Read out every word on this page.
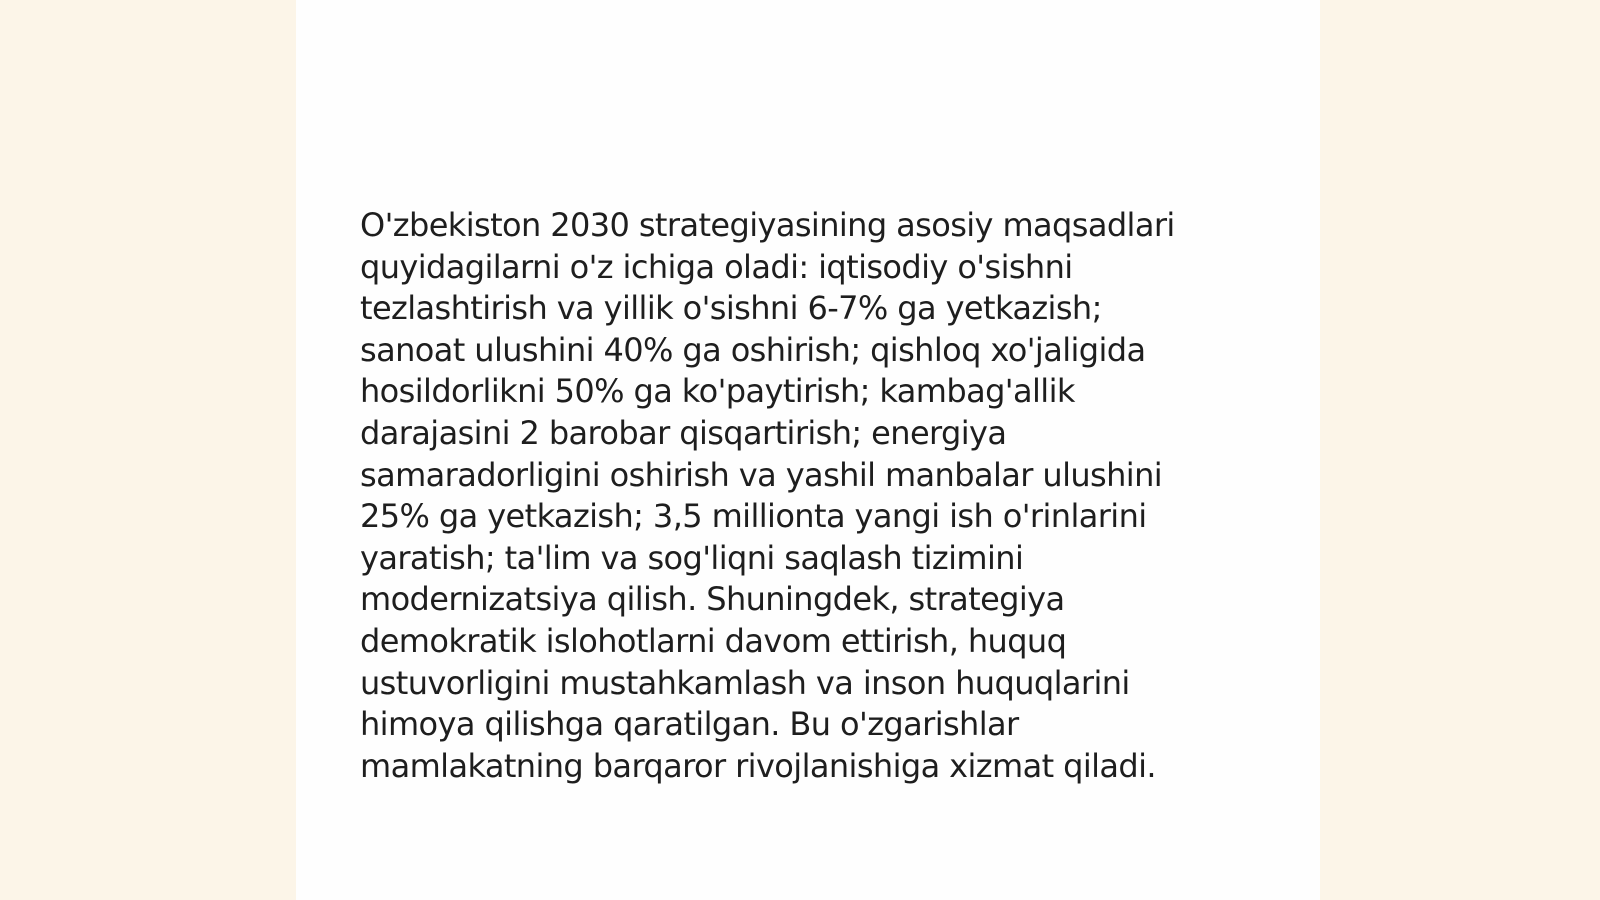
O'zbekiston 2030 strategiyasining asosiy maqsadlari
quyidagilarni o'z ichiga oladi: iqtisodiy o'sishni
tezlashtirish va yillik o'sishni 6-7% ga yetkazish;
sanoat ulushini 40% ga oshirish; qishloq xo'jaligida
hosildorlikni 50% ga ko'paytirish; kambag'allik
darajasini 2 barobar qisqartirish; energiya
samaradorligini oshirish va yashil manbalar ulushini
25% ga yetkazish; 3,5 millionta yangi ish o'rinlarini
yaratish; ta'lim va sog'liqni saqlash tizimini
modernizatsiya qilish. Shuningdek, strategiya
demokratik islohotlarni davom ettirish, huquq
ustuvorligini mustahkamlash va inson huquqlarini
himoya qilishga qaratilgan. Bu o'zgarishlar
mamlakatning barqaror rivojlanishiga xizmat qiladi.
